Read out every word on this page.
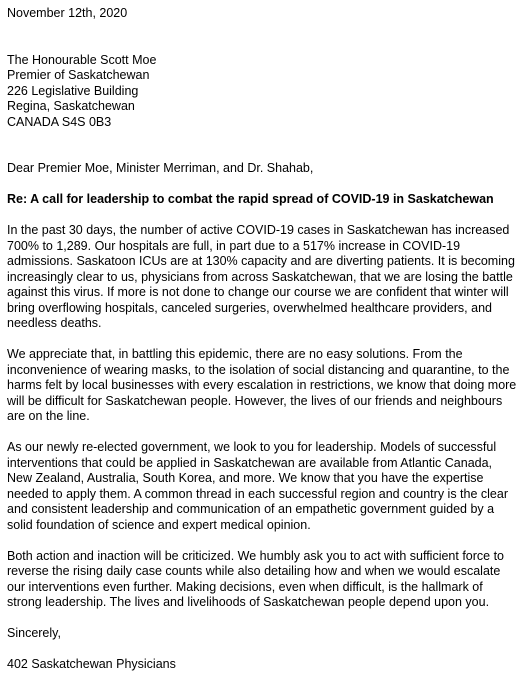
November 12th, 2020
The Honourable Scott Moe
Premier of Saskatchewan
226 Legislative Building
Regina, Saskatchewan
CANADA S4S 0B3
Dear Premier Moe, Minister Merriman, and Dr. Shahab,
Re: A call for leadership to combat the rapid spread of COVID-19 in Saskatchewan

In the past 30 days, the number of active COVID-19 cases in Saskatchewan has increased 700% to 1,289. Our hospitals are full, in part due to a 517% increase in COVID-19 admissions. Saskatoon ICUs are at 130% capacity and are diverting patients. It is becoming increasingly clear to us, physicians from across Saskatchewan, that we are losing the battle against this virus. If more is not done to change our course we are confident that winter will bring overflowing hospitals, canceled surgeries, overwhelmed healthcare providers, and needless deaths.

We appreciate that, in battling this epidemic, there are no easy solutions. From the inconvenience of wearing masks, to the isolation of social distancing and quarantine, to the harms felt by local businesses with every escalation in restrictions, we know that doing more will be difficult for Saskatchewan people. However, the lives of our friends and neighbours are on the line.

As our newly re-elected government, we look to you for leadership. Models of successful interventions that could be applied in Saskatchewan are available from Atlantic Canada, New Zealand, Australia, South Korea, and more. We know that you have the expertise needed to apply them. A common thread in each successful region and country is the clear and consistent leadership and communication of an empathetic government guided by a solid foundation of science and expert medical opinion.

Both action and inaction will be criticized. We humbly ask you to act with sufficient force to reverse the rising daily case counts while also detailing how and when we would escalate our interventions even further. Making decisions, even when difficult, is the hallmark of strong leadership. The lives and livelihoods of Saskatchewan people depend upon you.

Sincerely,
402 Saskatchewan Physicians
